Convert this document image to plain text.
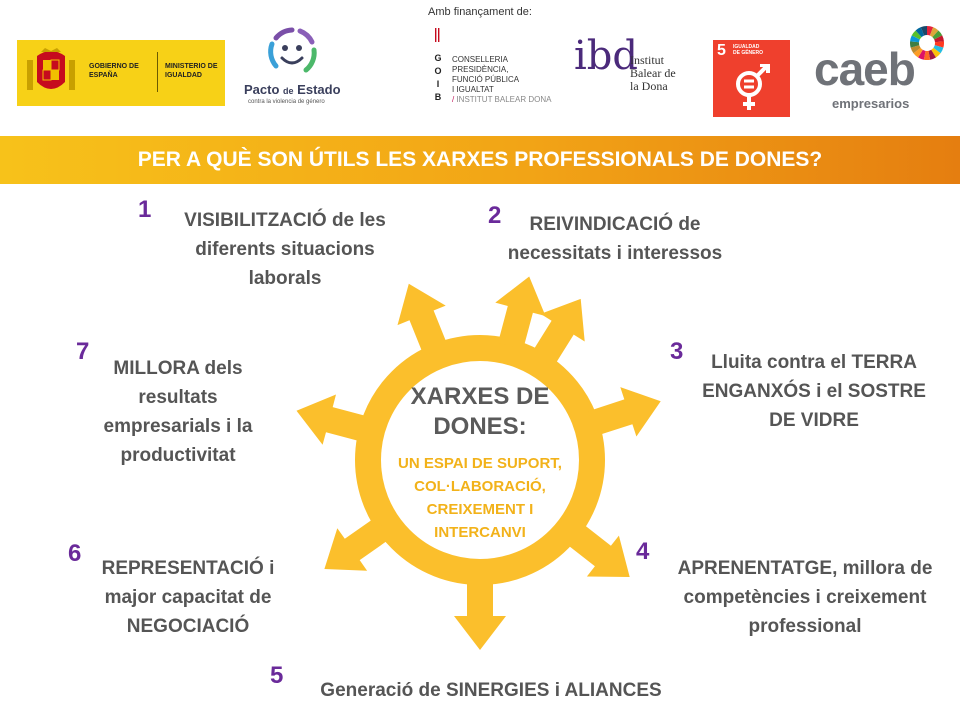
Amb finançament de:
GOBIERNO DE ESPAÑA
MINISTERIO DE IGUALDAD
Pacto de Estado
contra la violencia de género
G
O
I
B
CONSELLERIA
PRESIDÈNCIA,
FUNCIÓ PÚBLICA
I IGUALTAT
/ INSTITUT BALEAR DONA
ibd
Institut
Balear de
la Dona
5 IGUALDAD
DE GÉNERO caeb
empresarios
PER A QUÈ SON ÚTILS LES XARXES PROFESSIONALS DE DONES?
XARXES DE
DONES:
UN ESPAI DE SUPORT,
COL·LABORACIÓ,
CREIXEMENT I
INTERCANVI
1	VISIBILITZACIÓ de les
diferents situacions
laborals
2	REIVINDICACIÓ de
necessitats i interessos
3	Lluita contra el TERRA
ENGANXÓS i el SOSTRE
DE VIDRE
4
APRENENTATGE, millora de
competències i creixement
professional
5
Generació de SINERGIES i ALIANCES
6
REPRESENTACIÓ i
major capacitat de
NEGOCIACIÓ
7
MILLORA dels
resultats
empresarials i la
productivitat
